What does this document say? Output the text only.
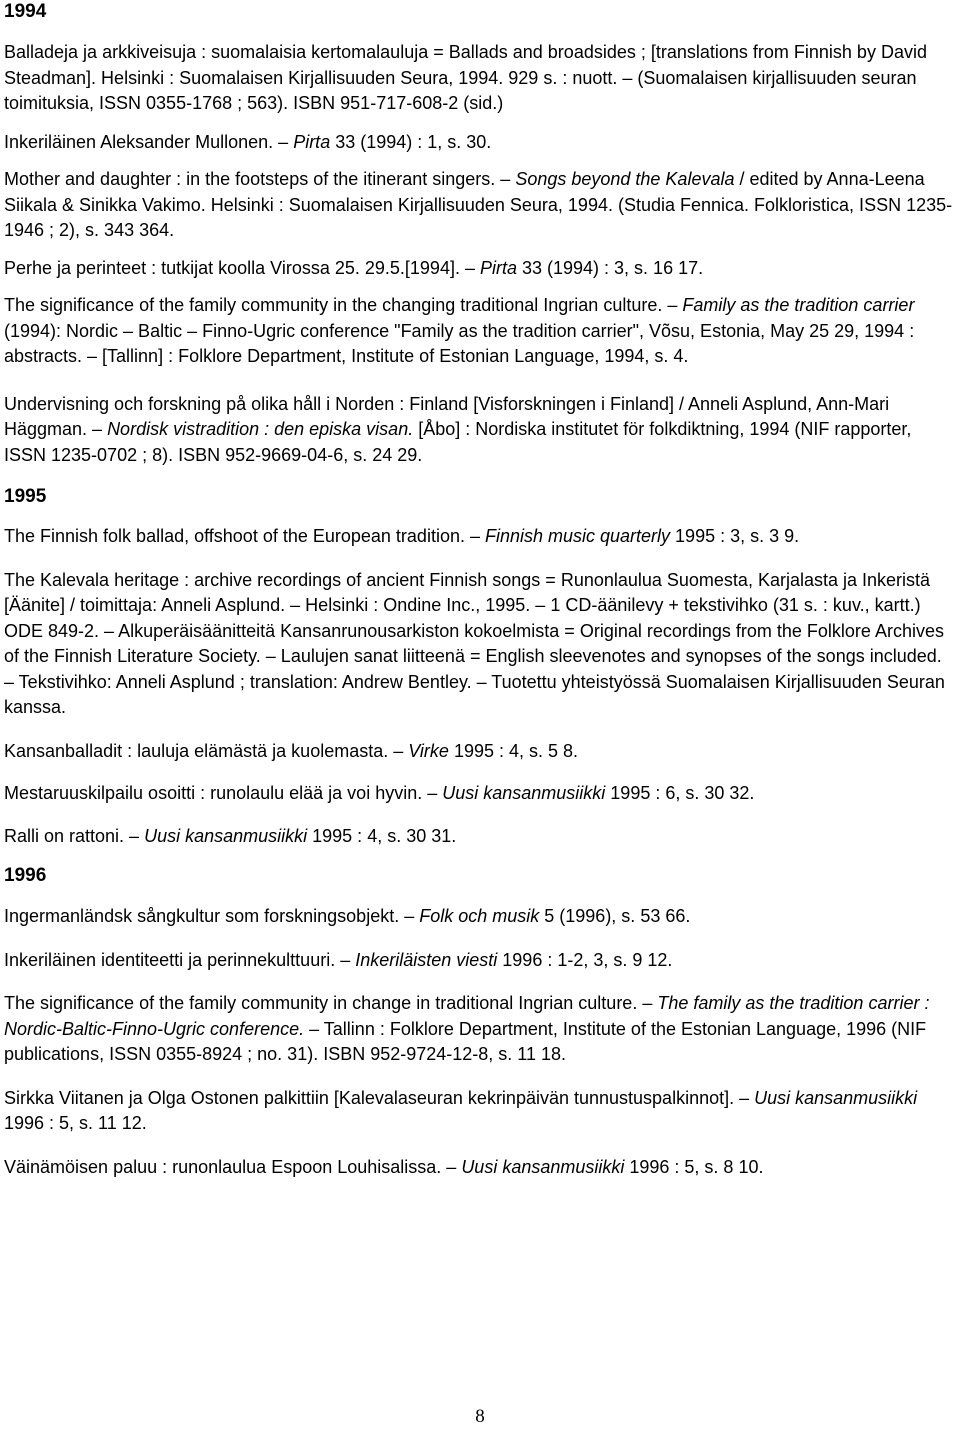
1994

Balladeja ja arkkiveisuja : suomalaisia kertomalauluja = Ballads and broadsides ; [translations from Finnish by David Steadman]. Helsinki : Suomalaisen Kirjallisuuden Seura, 1994. 929 s. : nuott. – (Suomalaisen kirjallisuuden seuran toimituksia, ISSN 0355-1768 ; 563). ISBN 951-717-608-2 (sid.)

Inkeriläinen Aleksander Mullonen. – Pirta 33 (1994) : 1, s. 30.

Mother and daughter : in the footsteps of the itinerant singers. – Songs beyond the Kalevala / edited by Anna-Leena Siikala & Sinikka Vakimo. Helsinki : Suomalaisen Kirjallisuuden Seura, 1994. (Studia Fennica. Folkloristica, ISSN 1235-1946 ; 2), s. 343 364.

Perhe ja perinteet : tutkijat koolla Virossa 25. 29.5.[1994]. – Pirta 33 (1994) : 3, s. 16 17.

The significance of the family community in the changing traditional Ingrian culture. – Family as the tradition carrier (1994): Nordic – Baltic – Finno-Ugric conference "Family as the tradition carrier", Võsu, Estonia, May 25 29, 1994 : abstracts. – [Tallinn] : Folklore Department, Institute of Estonian Language, 1994, s. 4.

Undervisning och forskning på olika håll i Norden : Finland [Visforskningen i Finland] / Anneli Asplund, Ann-Mari Häggman. – Nordisk vistradition : den episka visan. [Åbo] : Nordiska institutet för folkdiktning, 1994 (NIF rapporter, ISSN 1235-0702 ; 8). ISBN 952-9669-04-6, s. 24 29.

1995

The Finnish folk ballad, offshoot of the European tradition. – Finnish music quarterly 1995 : 3, s. 3 9.

The Kalevala heritage : archive recordings of ancient Finnish songs = Runonlaulua Suomesta, Karjalasta ja Inkeristä [Äänite] / toimittaja: Anneli Asplund. – Helsinki : Ondine Inc., 1995. – 1 CD-äänilevy + tekstivihko (31 s. : kuv., kartt.) ODE 849-2. – Alkuperäisäänitteitä Kansanrunousarkiston kokoelmista = Original recordings from the Folklore Archives of the Finnish Literature Society. – Laulujen sanat liitteenä = English sleevenotes and synopses of the songs included. – Tekstivihko: Anneli Asplund ; translation: Andrew Bentley. – Tuotettu yhteistyössä Suomalaisen Kirjallisuuden Seuran kanssa.

Kansanballadit : lauluja elämästä ja kuolemasta. – Virke 1995 : 4, s. 5 8.

Mestaruuskilpailu osoitti : runolaulu elää ja voi hyvin. – Uusi kansanmusiikki 1995 : 6, s. 30 32.

Ralli on rattoni. – Uusi kansanmusiikki 1995 : 4, s. 30 31.

1996

Ingermanländsk sångkultur som forskningsobjekt. – Folk och musik 5 (1996), s. 53 66.

Inkeriläinen identiteetti ja perinnekulttuuri. – Inkeriläisten viesti 1996 : 1-2, 3, s. 9 12.

The significance of the family community in change in traditional Ingrian culture. – The family as the tradition carrier : Nordic-Baltic-Finno-Ugric conference. – Tallinn : Folklore Department, Institute of the Estonian Language, 1996 (NIF publications, ISSN 0355-8924 ; no. 31). ISBN 952-9724-12-8, s. 11 18.

Sirkka Viitanen ja Olga Ostonen palkittiin [Kalevalaseuran kekrinpäivän tunnustuspalkinnot]. – Uusi kansanmusiikki 1996 : 5, s. 11 12.

Väinämöisen paluu : runonlaulua Espoon Louhisalissa. – Uusi kansanmusiikki 1996 : 5, s. 8 10.

8
